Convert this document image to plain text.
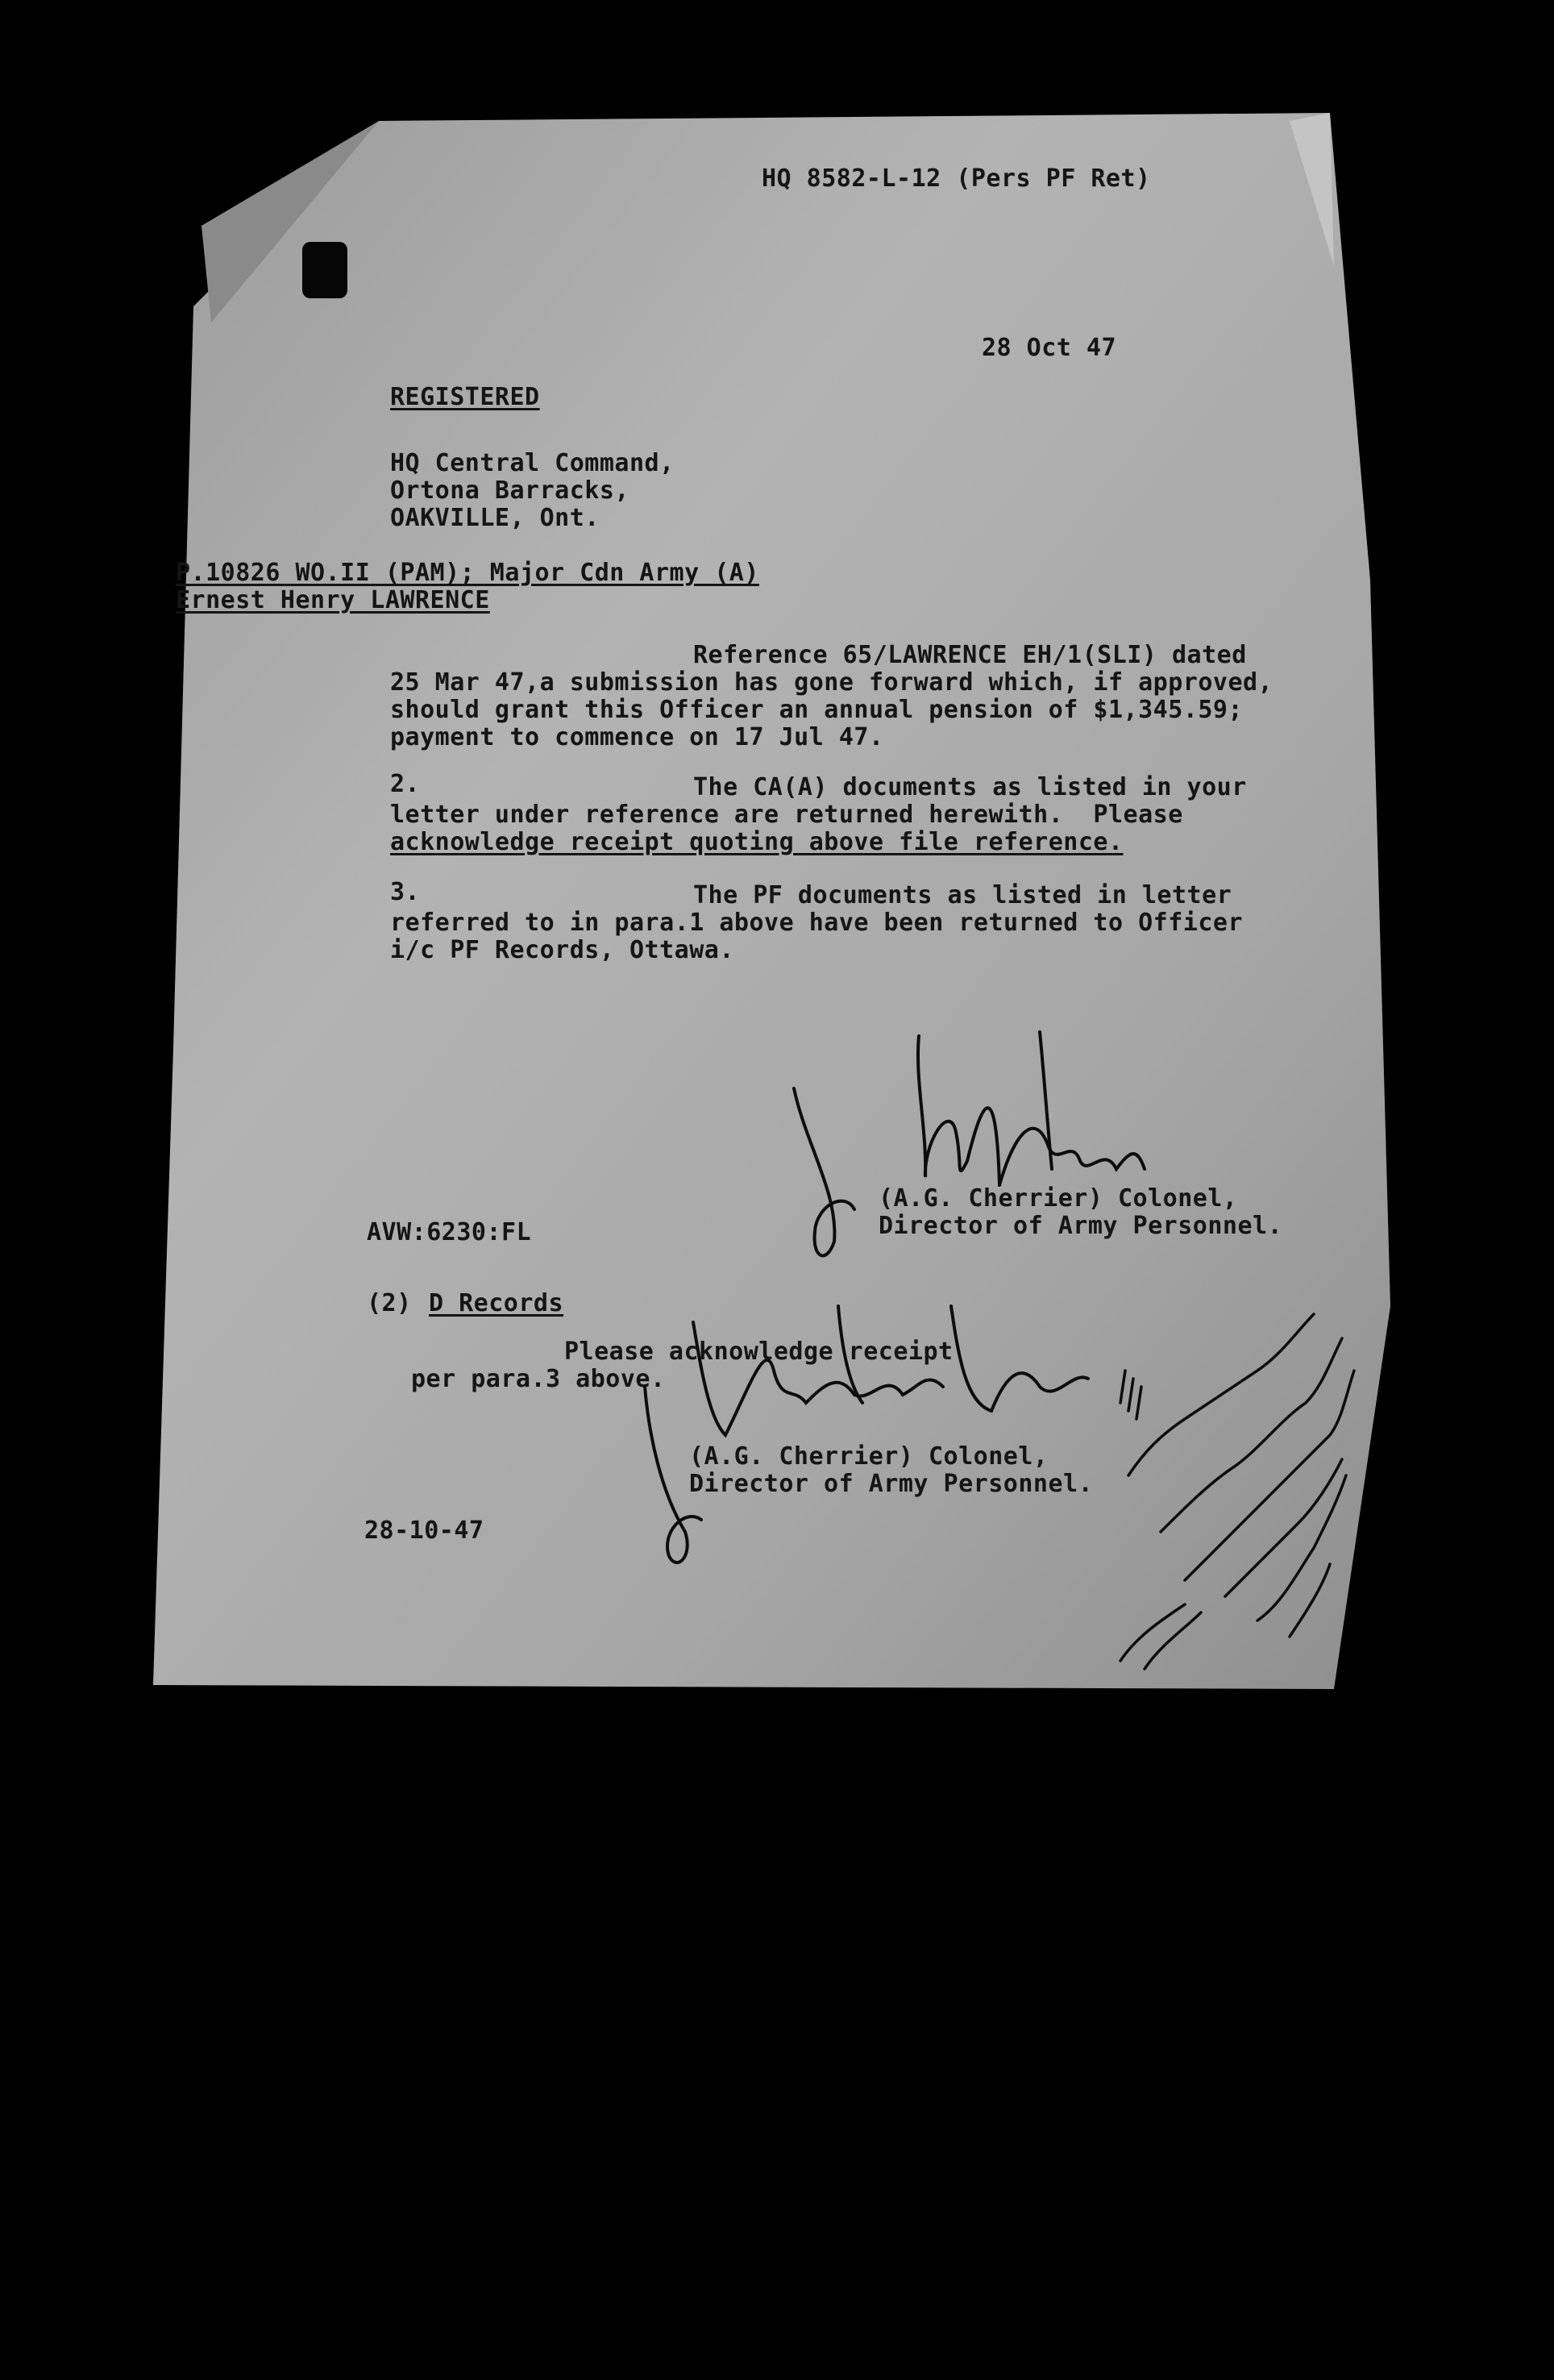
HQ 8582-L-12 (Pers PF Ret)
28 Oct 47
REGISTERED
HQ Central Command,
Ortona Barracks,
OAKVILLE, Ont.
P.10826 WO.II (PAM); Major Cdn Army (A)
Ernest Henry LAWRENCE
Reference 65/LAWRENCE EH/1(SLI) dated
25 Mar 47,a submission has gone forward which, if approved,
should grant this Officer an annual pension of $1,345.59;
payment to commence on 17 Jul 47.
2.	The CA(A) documents as listed in your
letter under reference are returned herewith.  Please
acknowledge receipt quoting above file reference.
3.	The PF documents as listed in letter
referred to in para.1 above have been returned to Officer
i/c PF Records, Ottawa.
(A.G. Cherrier) Colonel,
Director of Army Personnel.
AVW:6230:FL
(2) D Records
Please acknowledge receipt
per para.3 above.
(A.G. Cherrier) Colonel,
Director of Army Personnel.
28-10-47
